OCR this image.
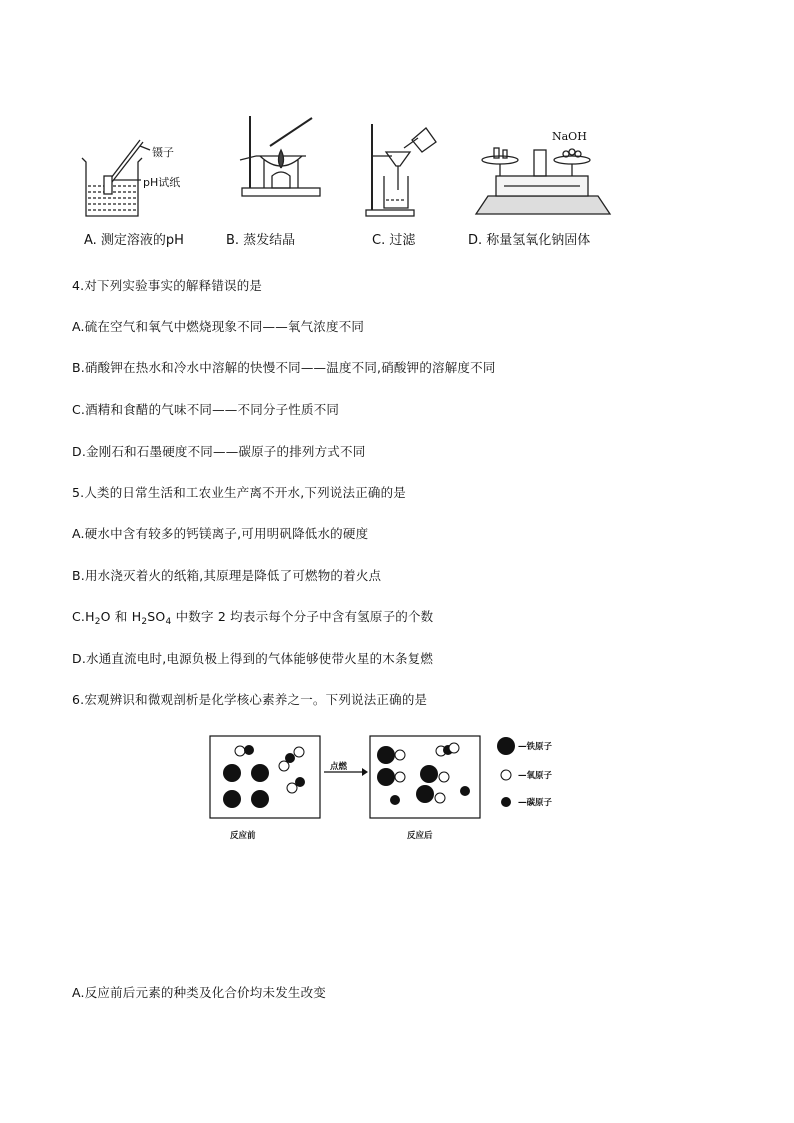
镊子
pH试纸
NaOH
A. 测定溶液的pH	B. 蒸发结晶	C. 过滤	D. 称量氢氧化钠固体
4.对下列实验事实的解释错误的是
A.硫在空气和氧气中燃烧现象不同——氧气浓度不同
B.硝酸钾在热水和冷水中溶解的快慢不同——温度不同,硝酸钾的溶解度不同
C.酒精和食醋的气味不同——不同分子性质不同
D.金刚石和石墨硬度不同——碳原子的排列方式不同
5.人类的日常生活和工农业生产离不开水,下列说法正确的是
A.硬水中含有较多的钙镁离子,可用明矾降低水的硬度
B.用水浇灭着火的纸箱,其原理是降低了可燃物的着火点
$C.H_2O$ 和 $H_2SO_4$ 中数字 2 均表示每个分子中含有氢原子的个数
D.水通直流电时,电源负极上得到的气体能够使带火星的木条复燃
6.宏观辨识和微观剖析是化学核心素养之一。下列说法正确的是
点燃
反应前	反应后
—铁原子
—氧原子
—碳原子
A.反应前后元素的种类及化合价均未发生改变
